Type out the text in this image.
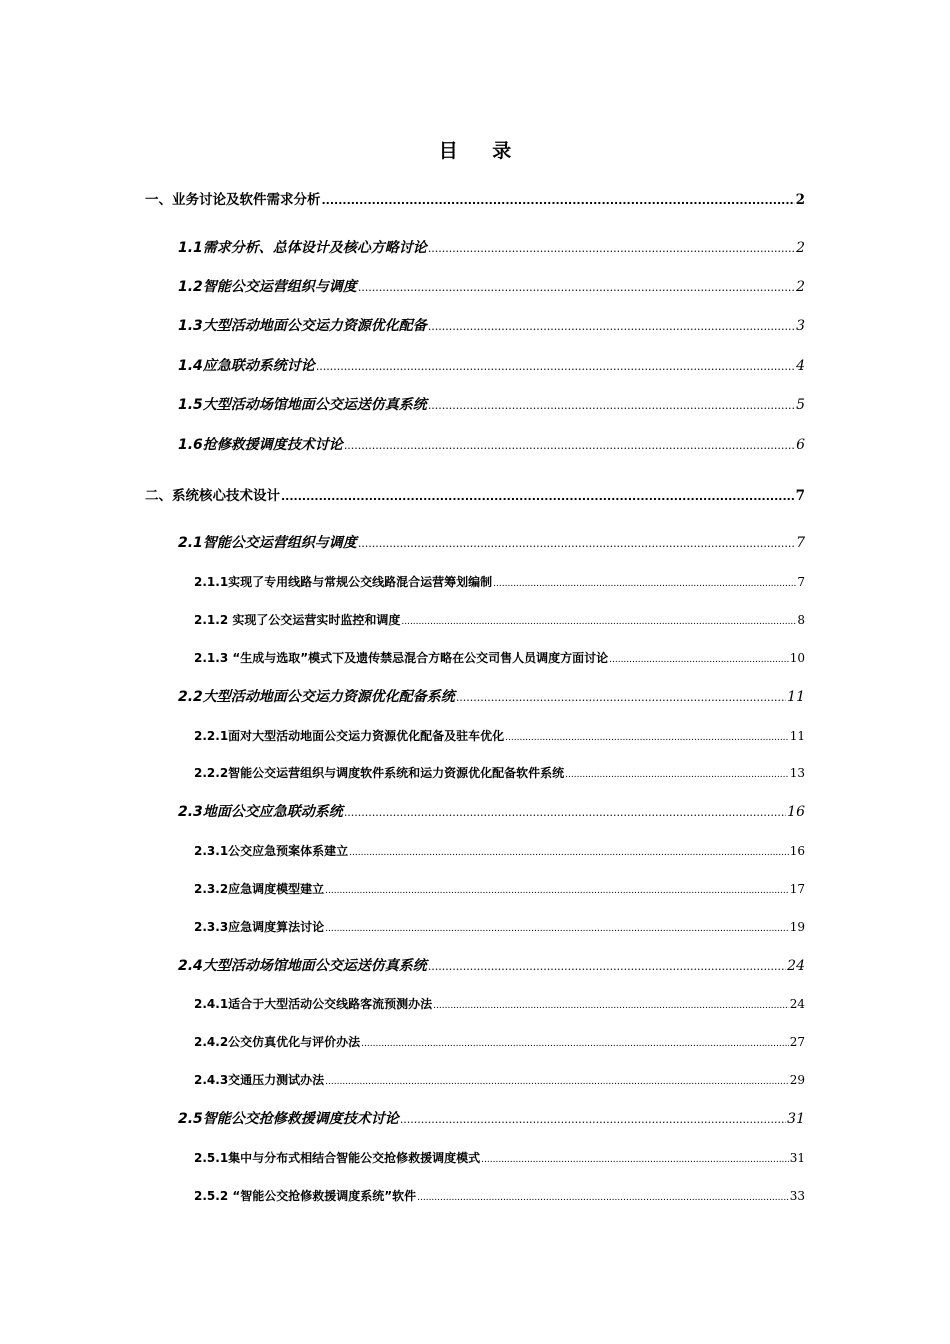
目 录
一、业务讨论及软件需求分析 .....	2
1.1需求分析、总体设计及核心方略讨论 .....	2
1.2智能公交运营组织与调度 .....	2
1.3大型活动地面公交运力资源优化配备 .....	3
1.4应急联动系统讨论 .....	4
1.5大型活动场馆地面公交运送仿真系统 .....	5
1.6抢修救援调度技术讨论 .....	6
二、系统核心技术设计 .....	7
2.1智能公交运营组织与调度 .....	7
2.1.1实现了专用线路与常规公交线路混合运营筹划编制 .....	7
2.1.2 实现了公交运营实时监控和调度 .....	8
2.1.3 “生成与选取”模式下及遗传禁忌混合方略在公交司售人员调度方面讨论 .....	10
2.2大型活动地面公交运力资源优化配备系统 .....	11
2.2.1面对大型活动地面公交运力资源优化配备及驻车优化 .....	11
2.2.2智能公交运营组织与调度软件系统和运力资源优化配备软件系统 .....	13
2.3地面公交应急联动系统 .....	16
2.3.1公交应急预案体系建立 .....	16
2.3.2应急调度模型建立 .....	17
2.3.3应急调度算法讨论 .....	19
2.4大型活动场馆地面公交运送仿真系统 .....	24
2.4.1适合于大型活动公交线路客流预测办法 .....	24
2.4.2公交仿真优化与评价办法 .....	27
2.4.3交通压力测试办法 .....	29
2.5智能公交抢修救援调度技术讨论 .....	31
2.5.1集中与分布式相结合智能公交抢修救援调度模式 .....	31
2.5.2 “智能公交抢修救援调度系统”软件 .....	33
